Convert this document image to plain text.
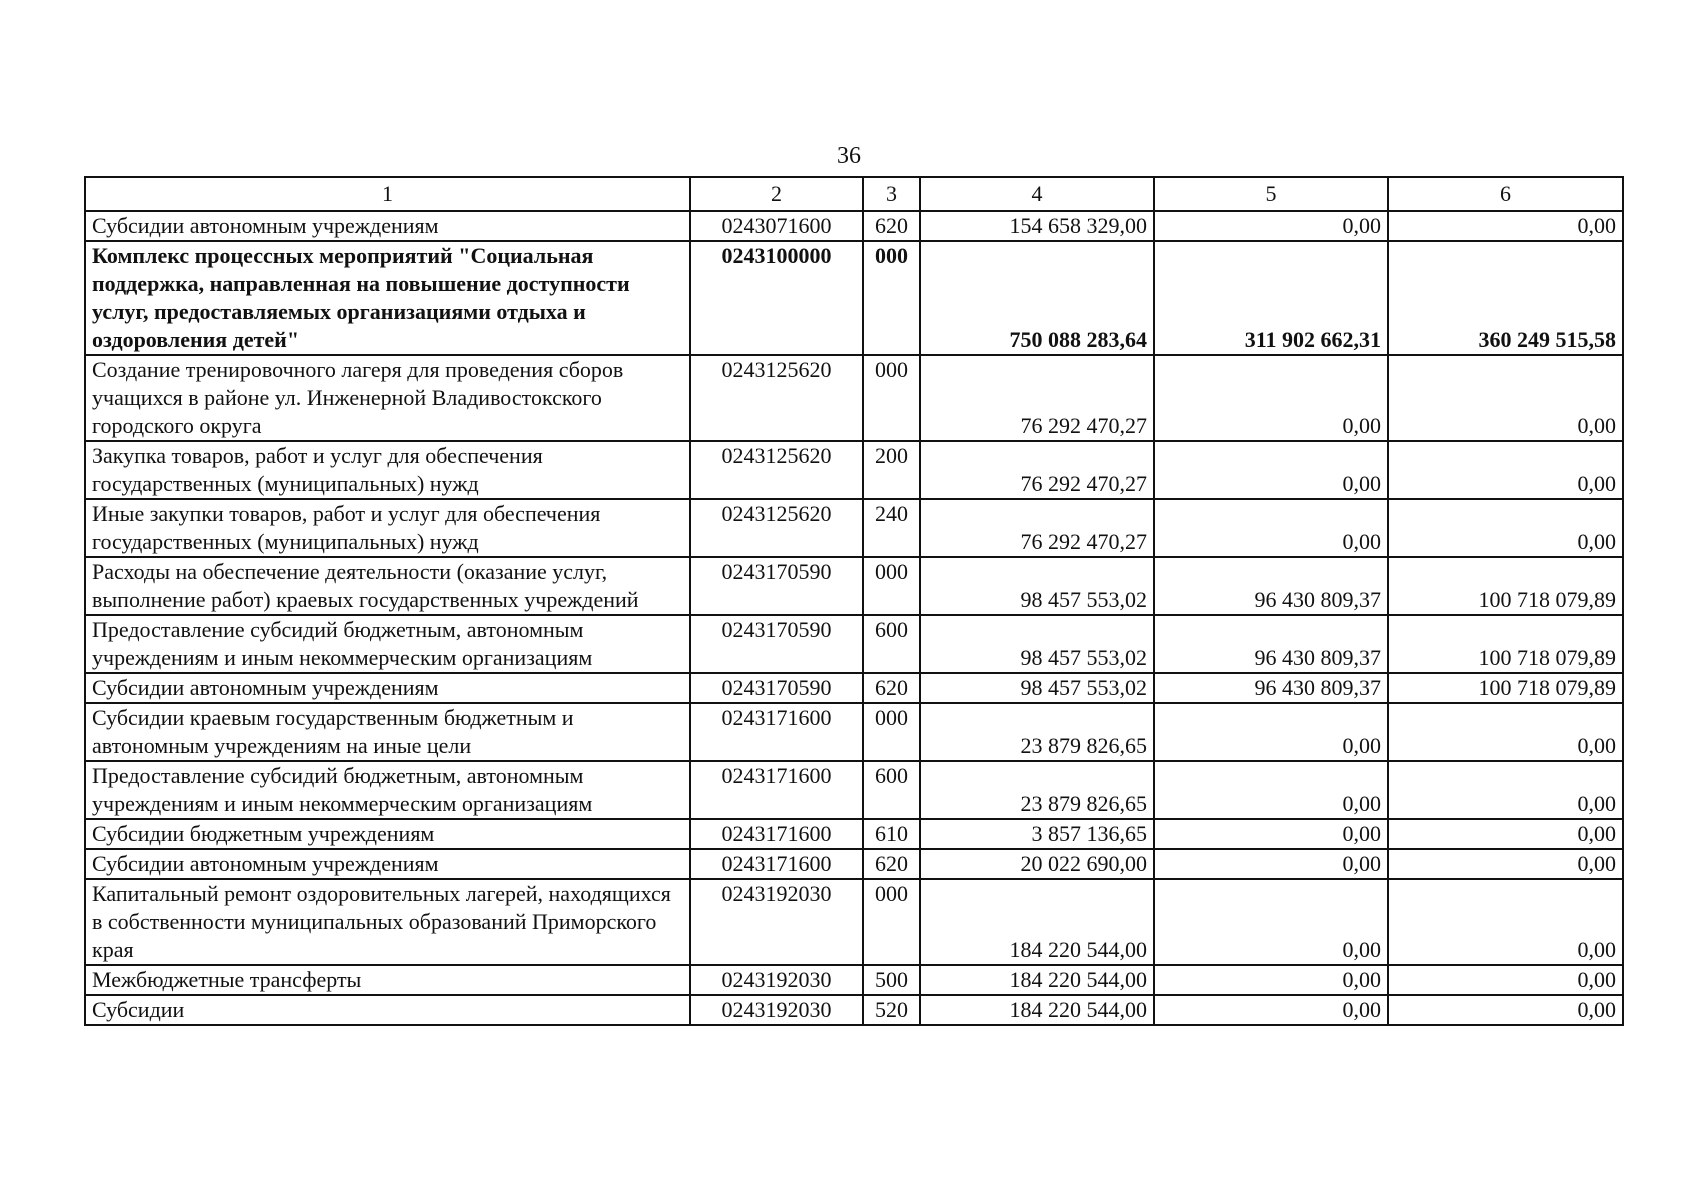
36
1	2	3	4	5	6
Субсидии автономным учреждениям	0243071600	620	154 658 329,00	0,00	0,00
Комплекс процессных мероприятий "Социальная поддержка, направленная на повышение доступности услуг, предоставляемых организациями отдыха и оздоровления детей"	0243100000	000	750 088 283,64	311 902 662,31	360 249 515,58
Создание тренировочного лагеря для проведения сборов учащихся в районе ул. Инженерной Владивостокского городского округа	0243125620	000	76 292 470,27	0,00	0,00
Закупка товаров, работ и услуг для обеспечения государственных (муниципальных) нужд	0243125620	200	76 292 470,27	0,00	0,00
Иные закупки товаров, работ и услуг для обеспечения государственных (муниципальных) нужд	0243125620	240	76 292 470,27	0,00	0,00
Расходы на обеспечение деятельности (оказание услуг, выполнение работ) краевых государственных учреждений	0243170590	000	98 457 553,02	96 430 809,37	100 718 079,89
Предоставление субсидий бюджетным, автономным учреждениям и иным некоммерческим организациям	0243170590	600	98 457 553,02	96 430 809,37	100 718 079,89
Субсидии автономным учреждениям	0243170590	620	98 457 553,02	96 430 809,37	100 718 079,89
Субсидии краевым государственным бюджетным и автономным учреждениям на иные цели	0243171600	000	23 879 826,65	0,00	0,00
Предоставление субсидий бюджетным, автономным учреждениям и иным некоммерческим организациям	0243171600	600	23 879 826,65	0,00	0,00
Субсидии бюджетным учреждениям	0243171600	610	3 857 136,65	0,00	0,00
Субсидии автономным учреждениям	0243171600	620	20 022 690,00	0,00	0,00
Капитальный ремонт оздоровительных лагерей, находящихся в собственности муниципальных образований Приморского края	0243192030	000	184 220 544,00	0,00	0,00
Межбюджетные трансферты	0243192030	500	184 220 544,00	0,00	0,00
Субсидии	0243192030	520	184 220 544,00	0,00	0,00
